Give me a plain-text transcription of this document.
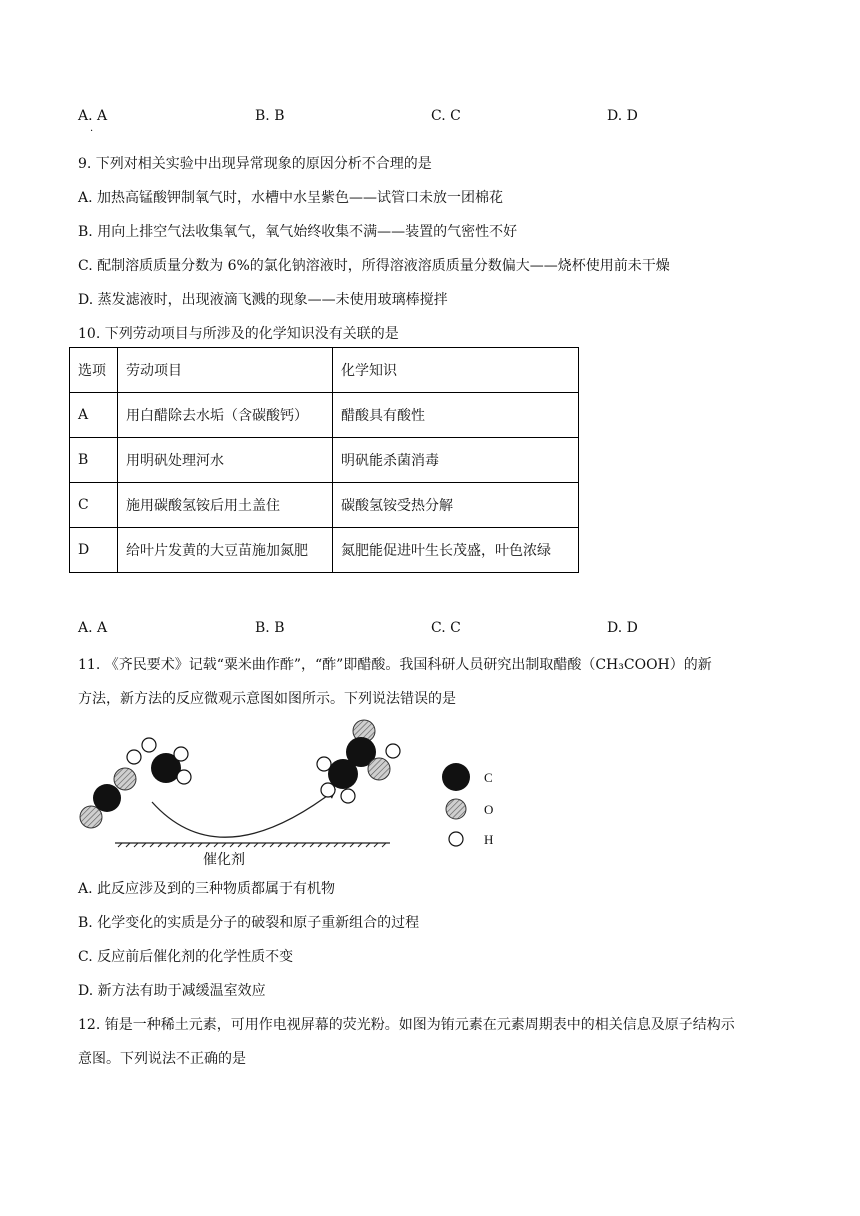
A. A
·
B. B	C. C	D. D
9. 下列对相关实验中出现异常现象的原因分析不合理的是
A. 加热高锰酸钾制氧气时，水槽中水呈紫色——试管口未放一团棉花
B. 用向上排空气法收集氧气，氧气始终收集不满——装置的气密性不好
C. 配制溶质质量分数为 6%的氯化钠溶液时，所得溶液溶质质量分数偏大——烧杯使用前未干燥
D. 蒸发滤液时，出现液滴飞溅的现象——未使用玻璃棒搅拌
10. 下列劳动项目与所涉及的化学知识没有关联的是
选项	劳动项目	化学知识
A	用白醋除去水垢（含碳酸钙）	醋酸具有酸性
B	用明矾处理河水	明矾能杀菌消毒
C	施用碳酸氢铵后用土盖住	碳酸氢铵受热分解
D	给叶片发黄的大豆苗施加氮肥	氮肥能促进叶生长茂盛，叶色浓绿
A. A	B. B	C. C	D. D
11. 《齐民要术》记载“粟米曲作酢”，“酢”即醋酸。我国科研人员研究出制取醋酸（CH₃COOH）的新
方法，新方法的反应微观示意图如图所示。下列说法错误的是
催化剂
C
O
H
A. 此反应涉及到的三种物质都属于有机物
B. 化学变化的实质是分子的破裂和原子重新组合的过程
C. 反应前后催化剂的化学性质不变
D. 新方法有助于减缓温室效应
12. 铕是一种稀土元素，可用作电视屏幕的荧光粉。如图为铕元素在元素周期表中的相关信息及原子结构示
意图。下列说法不正确的是
